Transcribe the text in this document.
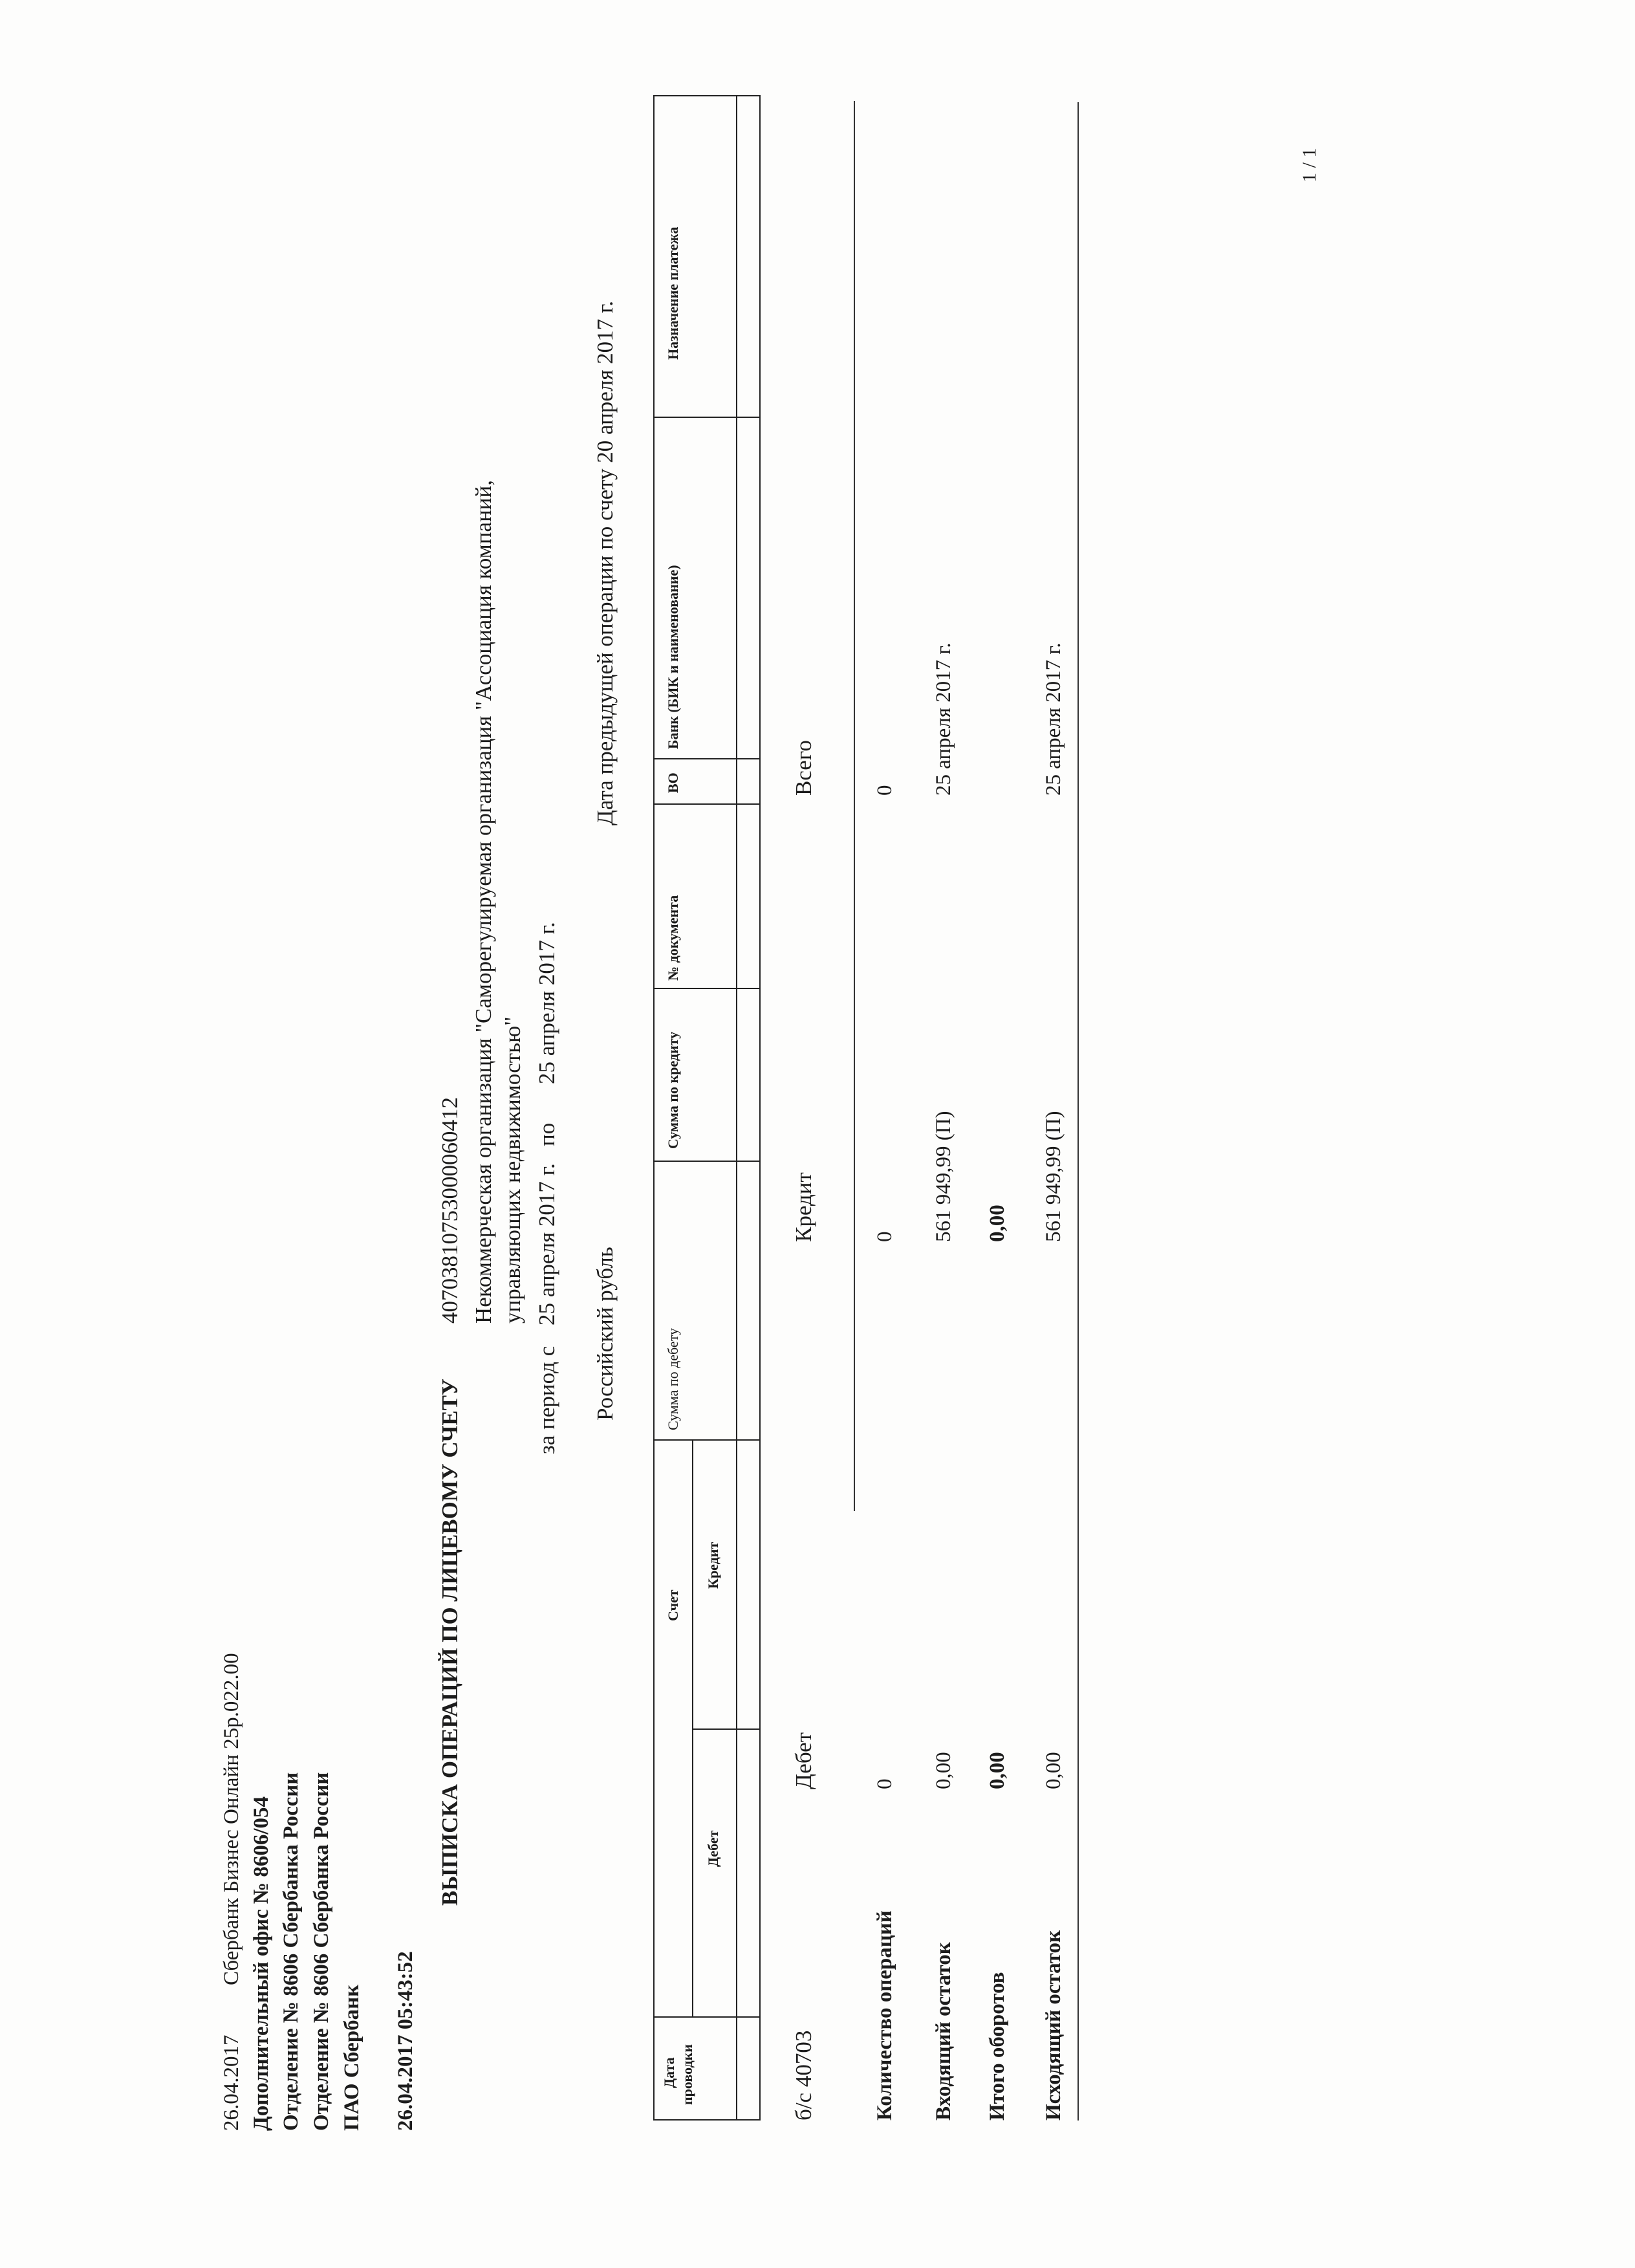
26.04.2017  Сбербанк Бизнес Онлайн 25р.022.00 Дополнительный офис № 8606/054 Отделение № 8606 Сбербанка России Отделение № 8606 Сбербанка России ПАО Сбербанк 26.04.2017 05:43:52
ВЫПИСКА ОПЕРАЦИЙ ПО ЛИЦЕВОМУ СЧЕТУ
40703810753000060412 Некоммерческая организация "Саморегулируемая организация "Ассоциация компаний, управляющих недвижимостью"
за период с
25 апреля 2017 г.
по
25 апреля 2017 г.
Российский рубль
Дата предыдущей операции по счету 20 апреля 2017 г.
Дата проводки
Счет
Дебет
Кредит
Сумма по дебету
Сумма по кредиту
№ документа
ВО
Банк (БИК и наименование)
Назначение платежа
б/с 40703
Дебет
Кредит
Всего
Количество операций
0
0
0
Входящий остаток
0,00
561 949,99 (П)
25 апреля 2017 г.
Итого оборотов
0,00
0,00
Исходящий остаток
0,00
561 949,99 (П)
25 апреля 2017 г.
1 / 1
